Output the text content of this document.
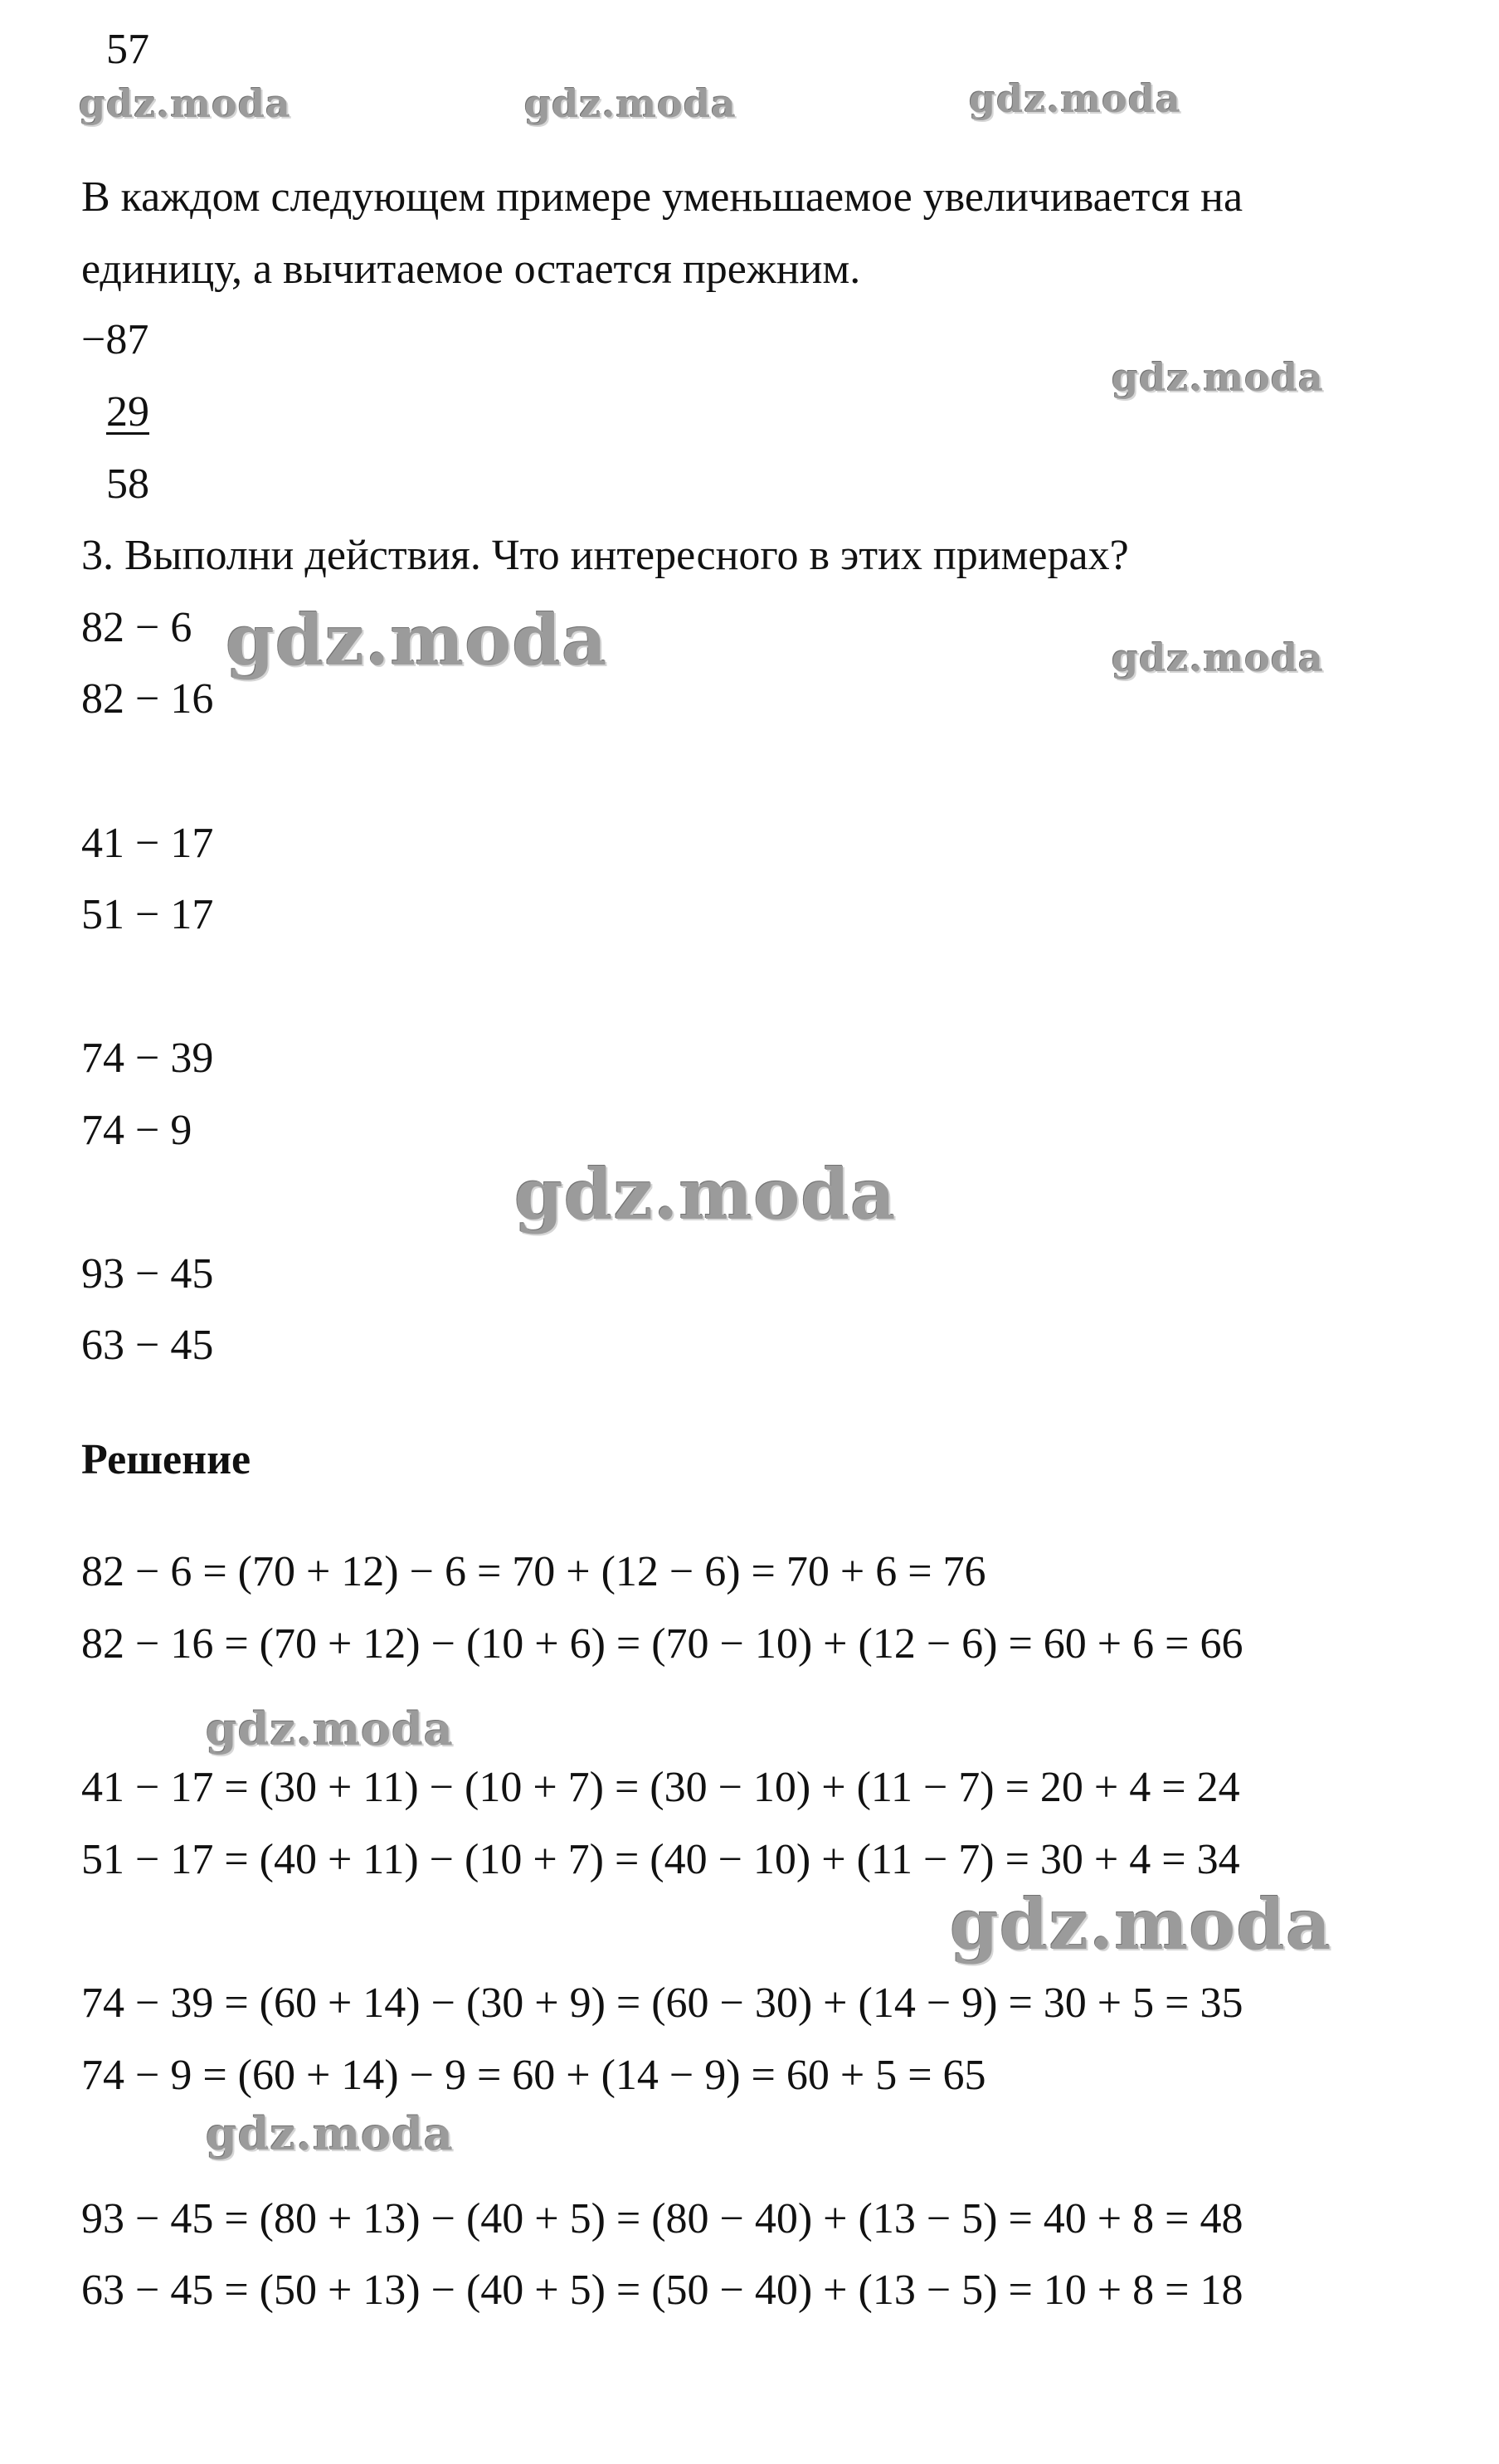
57

В каждом следующем примере уменьшаемое увеличивается на

единицу, а вычитаемое остается прежним.

−87

29

58

3. Выполни действия. Что интересного в этих примерах?

82 − 6

82 − 16

41 − 17

51 − 17

74 − 39

74 − 9

93 − 45

63 − 45

Решение

82 − 6 = (70 + 12) − 6 = 70 + (12 − 6) = 70 + 6 = 76

82 − 16 = (70 + 12) − (10 + 6) = (70 − 10) + (12 − 6) = 60 + 6 = 66

41 − 17 = (30 + 11) − (10 + 7) = (30 − 10) + (11 − 7) = 20 + 4 = 24

51 − 17 = (40 + 11) − (10 + 7) = (40 − 10) + (11 − 7) = 30 + 4 = 34

74 − 39 = (60 + 14) − (30 + 9) = (60 − 30) + (14 − 9) = 30 + 5 = 35

74 − 9 = (60 + 14) − 9 = 60 + (14 − 9) = 60 + 5 = 65

93 − 45 = (80 + 13) − (40 + 5) = (80 − 40) + (13 − 5) = 40 + 8 = 48

63 − 45 = (50 + 13) − (40 + 5) = (50 − 40) + (13 − 5) = 10 + 8 = 18

gdz.moda	gdz.moda	gdz.moda
gdz.moda
gdz.moda	gdz.moda
gdz.moda
gdz.moda
gdz.moda
gdz.moda
